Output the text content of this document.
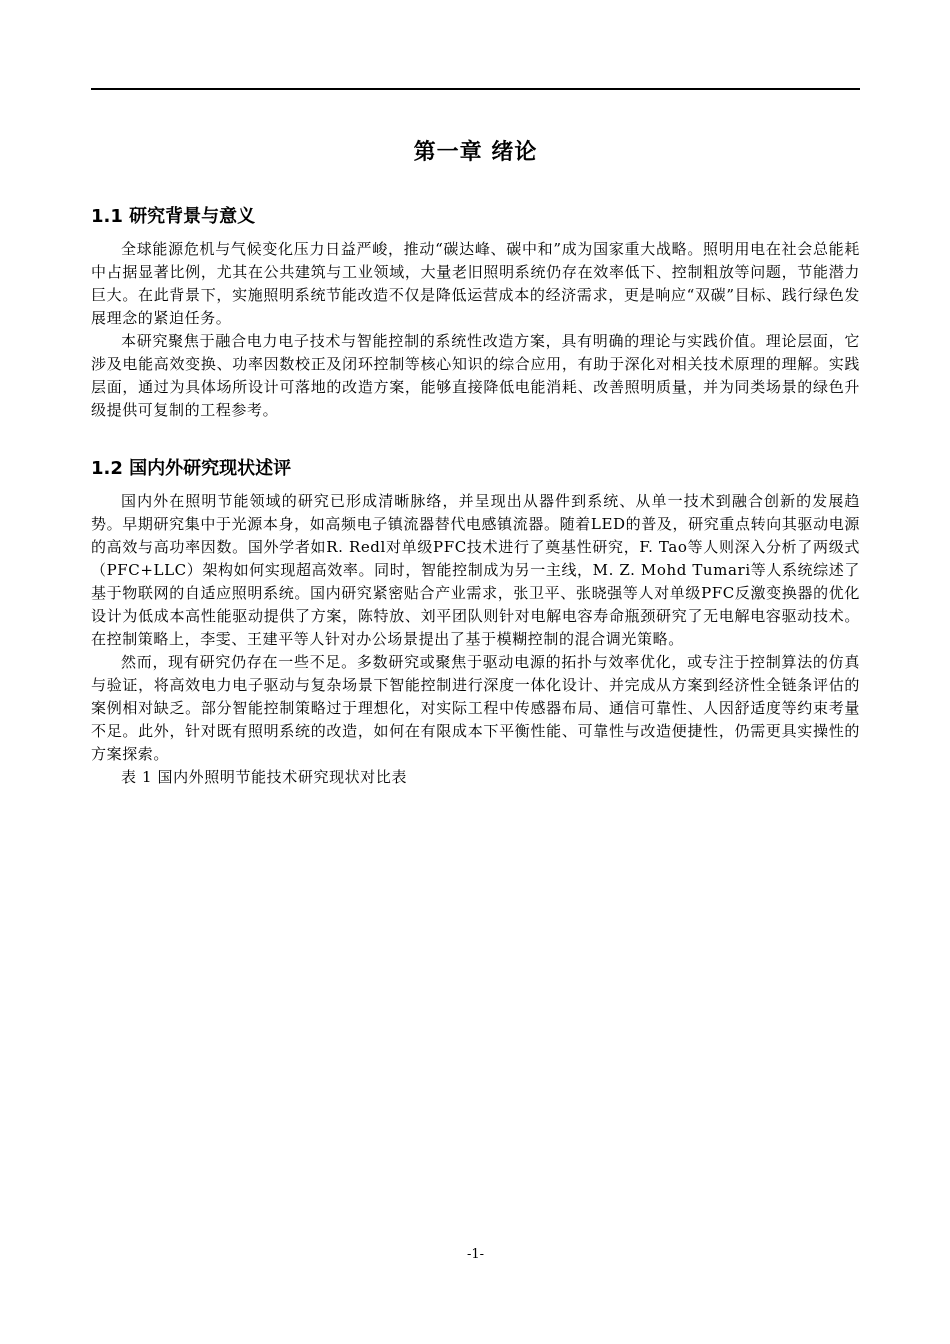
第一章 绪论
1.1 研究背景与意义

全球能源危机与气候变化压力日益严峻，推动“碳达峰、碳中和”成为国家重大战略。照明用电在社会总能耗中占据显著比例，尤其在公共建筑与工业领域，大量老旧照明系统仍存在效率低下、控制粗放等问题，节能潜力巨大。在此背景下，实施照明系统节能改造不仅是降低运营成本的经济需求，更是响应“双碳”目标、践行绿色发展理念的紧迫任务。

本研究聚焦于融合电力电子技术与智能控制的系统性改造方案，具有明确的理论与实践价值。理论层面，它涉及电能高效变换、功率因数校正及闭环控制等核心知识的综合应用，有助于深化对相关技术原理的理解。实践层面，通过为具体场所设计可落地的改造方案，能够直接降低电能消耗、改善照明质量，并为同类场景的绿色升级提供可复制的工程参考。

1.2 国内外研究现状述评

国内外在照明节能领域的研究已形成清晰脉络，并呈现出从器件到系统、从单一技术到融合创新的发展趋势。早期研究集中于光源本身，如高频电子镇流器替代电感镇流器。随着LED的普及，研究重点转向其驱动电源的高效与高功率因数。国外学者如R. Redl对单级PFC技术进行了奠基性研究，F. Tao等人则深入分析了两级式（PFC+LLC）架构如何实现超高效率。同时，智能控制成为另一主线，M. Z. Mohd Tumari等人系统综述了基于物联网的自适应照明系统。国内研究紧密贴合产业需求，张卫平、张晓强等人对单级PFC反激变换器的优化设计为低成本高性能驱动提供了方案，陈特放、刘平团队则针对电解电容寿命瓶颈研究了无电解电容驱动技术。在控制策略上，李雯、王建平等人针对办公场景提出了基于模糊控制的混合调光策略。

然而，现有研究仍存在一些不足。多数研究或聚焦于驱动电源的拓扑与效率优化，或专注于控制算法的仿真与验证，将高效电力电子驱动与复杂场景下智能控制进行深度一体化设计、并完成从方案到经济性全链条评估的案例相对缺乏。部分智能控制策略过于理想化，对实际工程中传感器布局、通信可靠性、人因舒适度等约束考量不足。此外，针对既有照明系统的改造，如何在有限成本下平衡性能、可靠性与改造便捷性，仍需更具实操性的方案探索。

表 1 国内外照明节能技术研究现状对比表

-1-
